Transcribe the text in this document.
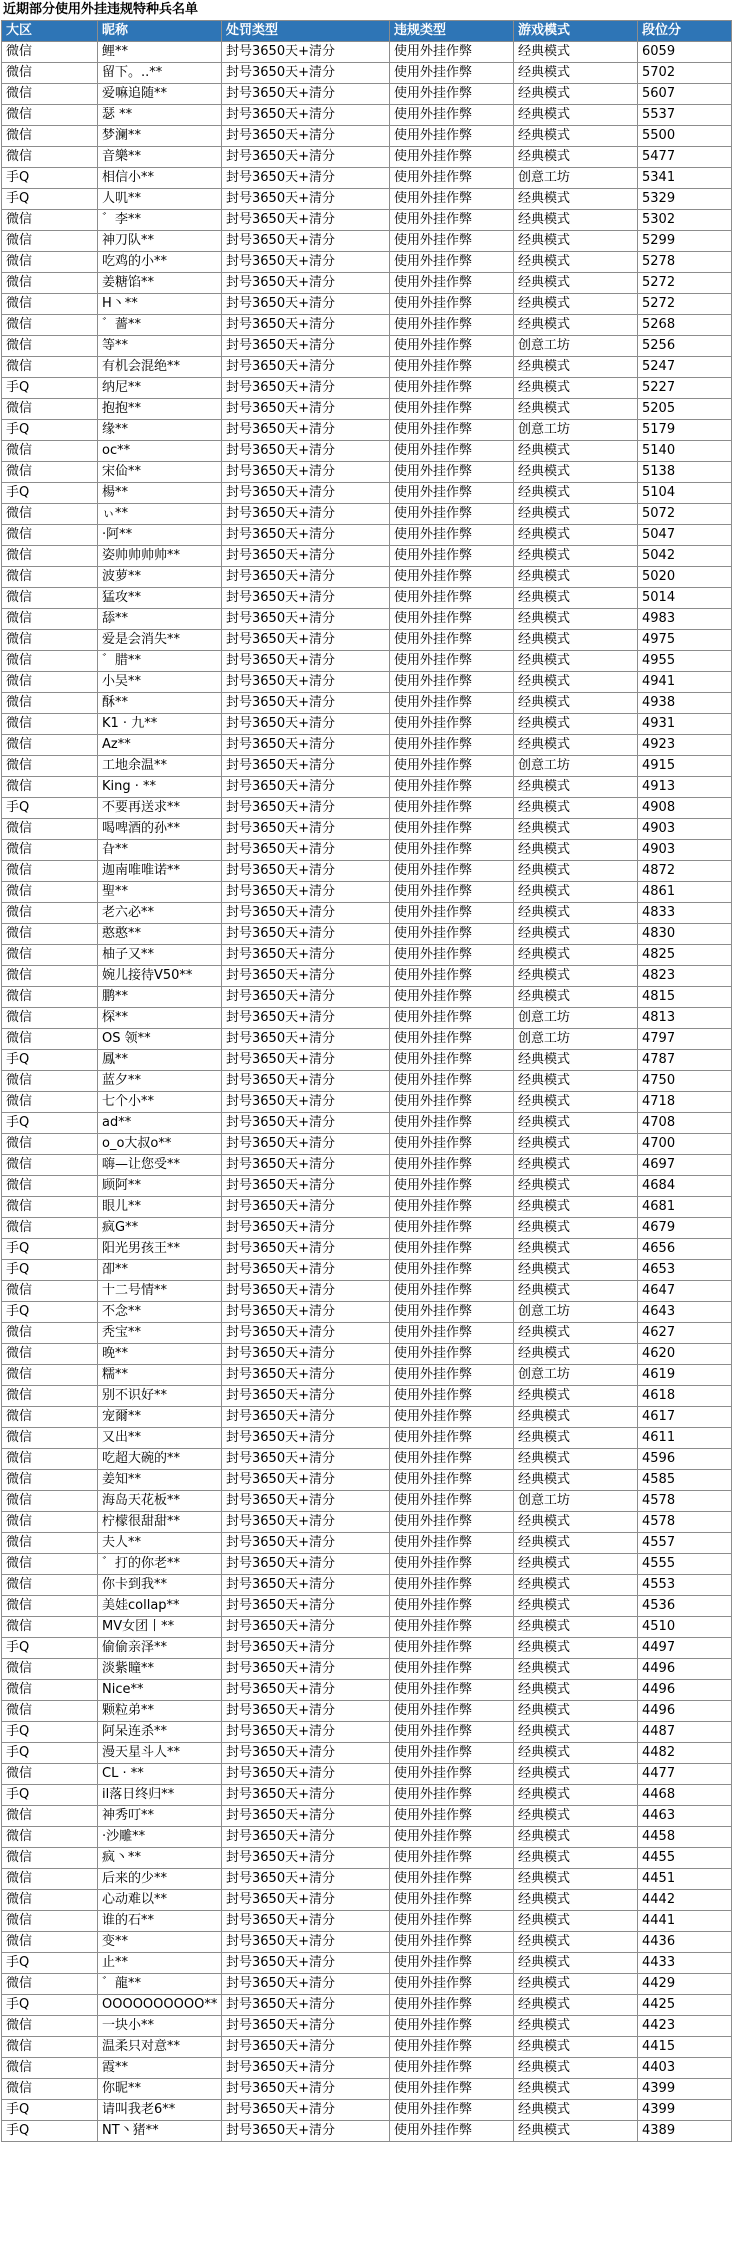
近期部分使用外挂违规特种兵名单
大区	昵称	处罚类型	违规类型	游戏模式	段位分
微信	鲤**	封号3650天+清分	使用外挂作弊	经典模式	6059
微信	留下。..**	封号3650天+清分	使用外挂作弊	经典模式	5702
微信	爱嘛追随**	封号3650天+清分	使用外挂作弊	经典模式	5607
微信	瑟 **	封号3650天+清分	使用外挂作弊	经典模式	5537
微信	梦澜**	封号3650天+清分	使用外挂作弊	经典模式	5500
微信	音樂**	封号3650天+清分	使用外挂作弊	经典模式	5477
手Q	相信小**	封号3650天+清分	使用外挂作弊	创意工坊	5341
手Q	人叽**	封号3650天+清分	使用外挂作弊	经典模式	5329
微信	゛李**	封号3650天+清分	使用外挂作弊	经典模式	5302
微信	神刀队**	封号3650天+清分	使用外挂作弊	经典模式	5299
微信	吃鸡的小**	封号3650天+清分	使用外挂作弊	经典模式	5278
微信	姜糖馅**	封号3650天+清分	使用外挂作弊	经典模式	5272
微信	H丶**	封号3650天+清分	使用外挂作弊	经典模式	5272
微信	゛薔**	封号3650天+清分	使用外挂作弊	经典模式	5268
微信	等**	封号3650天+清分	使用外挂作弊	创意工坊	5256
微信	有机会混绝**	封号3650天+清分	使用外挂作弊	经典模式	5247
手Q	纳尼**	封号3650天+清分	使用外挂作弊	经典模式	5227
微信	抱抱**	封号3650天+清分	使用外挂作弊	经典模式	5205
手Q	缘**	封号3650天+清分	使用外挂作弊	创意工坊	5179
微信	oc**	封号3650天+清分	使用外挂作弊	经典模式	5140
微信	宋佡**	封号3650天+清分	使用外挂作弊	经典模式	5138
手Q	楊**	封号3650天+清分	使用外挂作弊	经典模式	5104
微信	ぃ**	封号3650天+清分	使用外挂作弊	经典模式	5072
微信	·阿**	封号3650天+清分	使用外挂作弊	经典模式	5047
微信	姿帅帅帅帅**	封号3650天+清分	使用外挂作弊	经典模式	5042
微信	波萝**	封号3650天+清分	使用外挂作弊	经典模式	5020
微信	猛攻**	封号3650天+清分	使用外挂作弊	经典模式	5014
微信	舔**	封号3650天+清分	使用外挂作弊	经典模式	4983
微信	爱是会消失**	封号3650天+清分	使用外挂作弊	经典模式	4975
微信	゛腊**	封号3650天+清分	使用外挂作弊	经典模式	4955
微信	小吴**	封号3650天+清分	使用外挂作弊	经典模式	4941
微信	酥**	封号3650天+清分	使用外挂作弊	经典模式	4938
微信	K1 · 九**	封号3650天+清分	使用外挂作弊	经典模式	4931
微信	Az**	封号3650天+清分	使用外挂作弊	经典模式	4923
微信	工地余温**	封号3650天+清分	使用外挂作弊	创意工坊	4915
微信	King · **	封号3650天+清分	使用外挂作弊	经典模式	4913
手Q	不要再送求**	封号3650天+清分	使用外挂作弊	经典模式	4908
微信	喝啤酒的孙**	封号3650天+清分	使用外挂作弊	经典模式	4903
微信	旮**	封号3650天+清分	使用外挂作弊	经典模式	4903
微信	迦南唯唯诺**	封号3650天+清分	使用外挂作弊	经典模式	4872
微信	聖**	封号3650天+清分	使用外挂作弊	经典模式	4861
微信	老六必**	封号3650天+清分	使用外挂作弊	经典模式	4833
微信	憨憨**	封号3650天+清分	使用外挂作弊	经典模式	4830
微信	柚子又**	封号3650天+清分	使用外挂作弊	经典模式	4825
微信	婉儿接待V50**	封号3650天+清分	使用外挂作弊	经典模式	4823
微信	鹏**	封号3650天+清分	使用外挂作弊	经典模式	4815
微信	棎**	封号3650天+清分	使用外挂作弊	创意工坊	4813
微信	OS 领**	封号3650天+清分	使用外挂作弊	创意工坊	4797
手Q	鳳**	封号3650天+清分	使用外挂作弊	经典模式	4787
微信	蓝夕**	封号3650天+清分	使用外挂作弊	经典模式	4750
微信	七个小**	封号3650天+清分	使用外挂作弊	经典模式	4718
手Q	ad**	封号3650天+清分	使用外挂作弊	经典模式	4708
微信	o_o大叔o**	封号3650天+清分	使用外挂作弊	经典模式	4700
微信	嗨—让您受**	封号3650天+清分	使用外挂作弊	经典模式	4697
微信	顾阿**	封号3650天+清分	使用外挂作弊	经典模式	4684
微信	眼儿**	封号3650天+清分	使用外挂作弊	经典模式	4681
微信	疯G**	封号3650天+清分	使用外挂作弊	经典模式	4679
手Q	阳光男孩王**	封号3650天+清分	使用外挂作弊	经典模式	4656
手Q	卲**	封号3650天+清分	使用外挂作弊	经典模式	4653
微信	十二号情**	封号3650天+清分	使用外挂作弊	经典模式	4647
手Q	不念**	封号3650天+清分	使用外挂作弊	创意工坊	4643
微信	秃宝**	封号3650天+清分	使用外挂作弊	经典模式	4627
微信	晚**	封号3650天+清分	使用外挂作弊	经典模式	4620
微信	糯**	封号3650天+清分	使用外挂作弊	创意工坊	4619
微信	别不识好**	封号3650天+清分	使用外挂作弊	经典模式	4618
微信	宠爾**	封号3650天+清分	使用外挂作弊	经典模式	4617
微信	又出**	封号3650天+清分	使用外挂作弊	经典模式	4611
微信	吃超大碗的**	封号3650天+清分	使用外挂作弊	经典模式	4596
微信	姜知**	封号3650天+清分	使用外挂作弊	经典模式	4585
微信	海岛天花板**	封号3650天+清分	使用外挂作弊	创意工坊	4578
微信	柠檬很甜甜**	封号3650天+清分	使用外挂作弊	经典模式	4578
微信	夫人**	封号3650天+清分	使用外挂作弊	经典模式	4557
微信	゛打的你老**	封号3650天+清分	使用外挂作弊	经典模式	4555
微信	你卡到我**	封号3650天+清分	使用外挂作弊	经典模式	4553
微信	美娃collap**	封号3650天+清分	使用外挂作弊	经典模式	4536
微信	MV女团丨**	封号3650天+清分	使用外挂作弊	经典模式	4510
手Q	偷偷亲泽**	封号3650天+清分	使用外挂作弊	经典模式	4497
微信	淡紫瞳**	封号3650天+清分	使用外挂作弊	经典模式	4496
微信	Nice**	封号3650天+清分	使用外挂作弊	经典模式	4496
微信	颗粒弟**	封号3650天+清分	使用外挂作弊	经典模式	4496
手Q	阿呆连杀**	封号3650天+清分	使用外挂作弊	经典模式	4487
手Q	漫天星斗人**	封号3650天+清分	使用外挂作弊	经典模式	4482
微信	CL · **	封号3650天+清分	使用外挂作弊	经典模式	4477
手Q	il落日终归**	封号3650天+清分	使用外挂作弊	经典模式	4468
微信	神秀叮**	封号3650天+清分	使用外挂作弊	经典模式	4463
微信	·沙雕**	封号3650天+清分	使用外挂作弊	经典模式	4458
微信	疯丶**	封号3650天+清分	使用外挂作弊	经典模式	4455
微信	后来的少**	封号3650天+清分	使用外挂作弊	经典模式	4451
微信	心动难以**	封号3650天+清分	使用外挂作弊	经典模式	4442
微信	谁的石**	封号3650天+清分	使用外挂作弊	经典模式	4441
微信	变**	封号3650天+清分	使用外挂作弊	经典模式	4436
手Q	止**	封号3650天+清分	使用外挂作弊	经典模式	4433
微信	゛龍**	封号3650天+清分	使用外挂作弊	经典模式	4429
手Q	OOOOOOOOOO**	封号3650天+清分	使用外挂作弊	经典模式	4425
微信	一块小**	封号3650天+清分	使用外挂作弊	经典模式	4423
微信	温柔只对意**	封号3650天+清分	使用外挂作弊	经典模式	4415
微信	霞**	封号3650天+清分	使用外挂作弊	经典模式	4403
微信	你昵**	封号3650天+清分	使用外挂作弊	经典模式	4399
手Q	请叫我老6**	封号3650天+清分	使用外挂作弊	经典模式	4399
手Q	NT丶猪**	封号3650天+清分	使用外挂作弊	经典模式	4389
